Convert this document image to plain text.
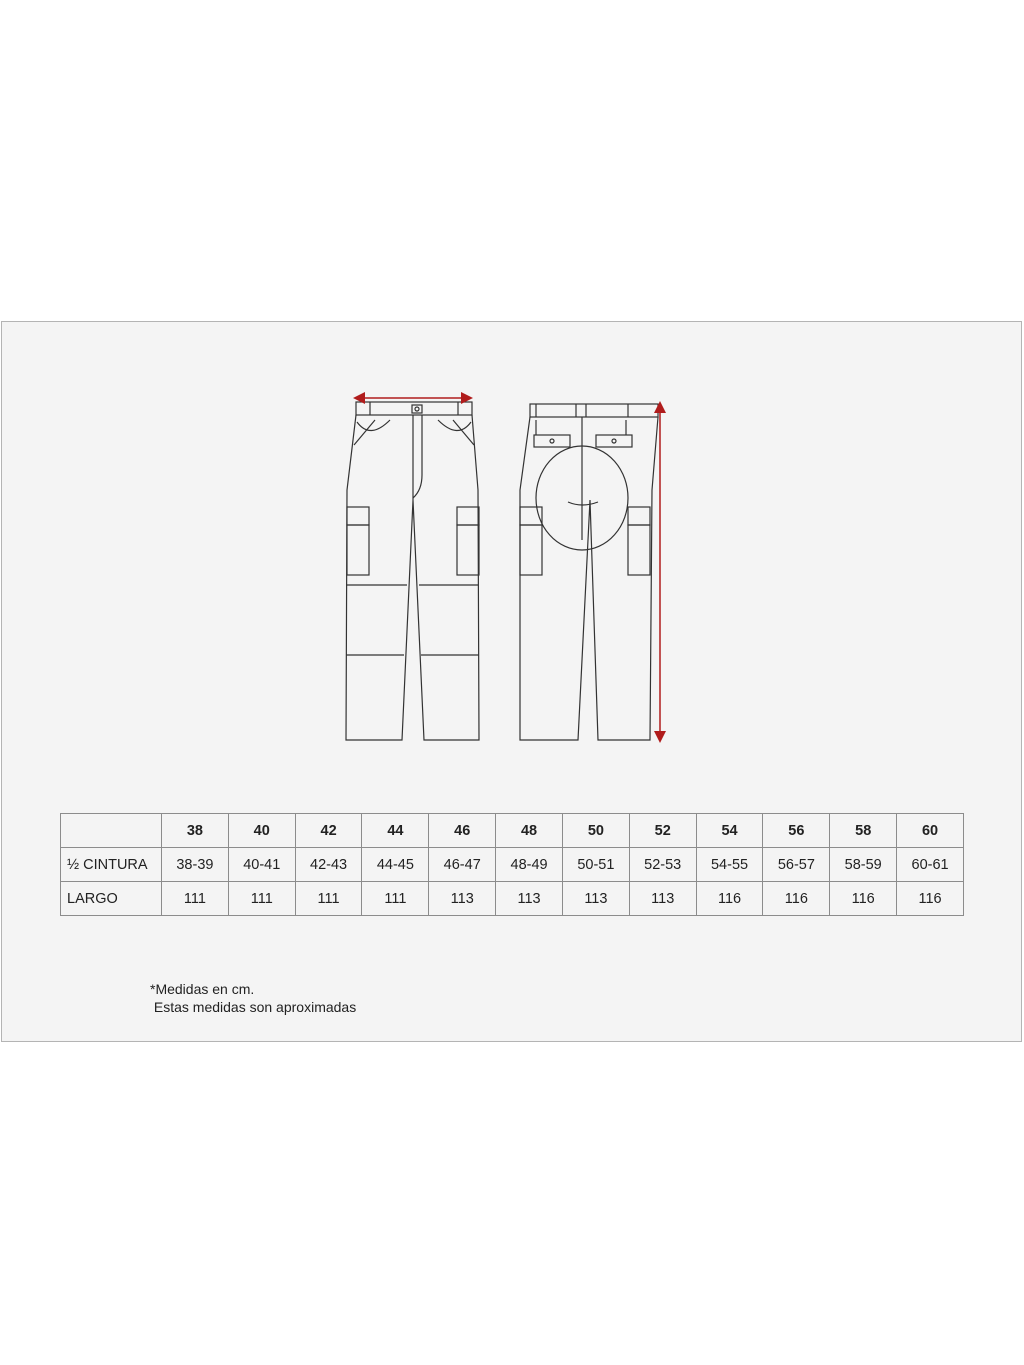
	38	40	42	44	46	48	50	52	54	56	58	60
½ CINTURA	38-39	40-41	42-43	44-45	46-47	48-49	50-51	52-53	54-55	56-57	58-59	60-61
LARGO	111	111	111	111	113	113	113	113	116	116	116	116
*Medidas en cm.
Estas medidas son aproximadas
